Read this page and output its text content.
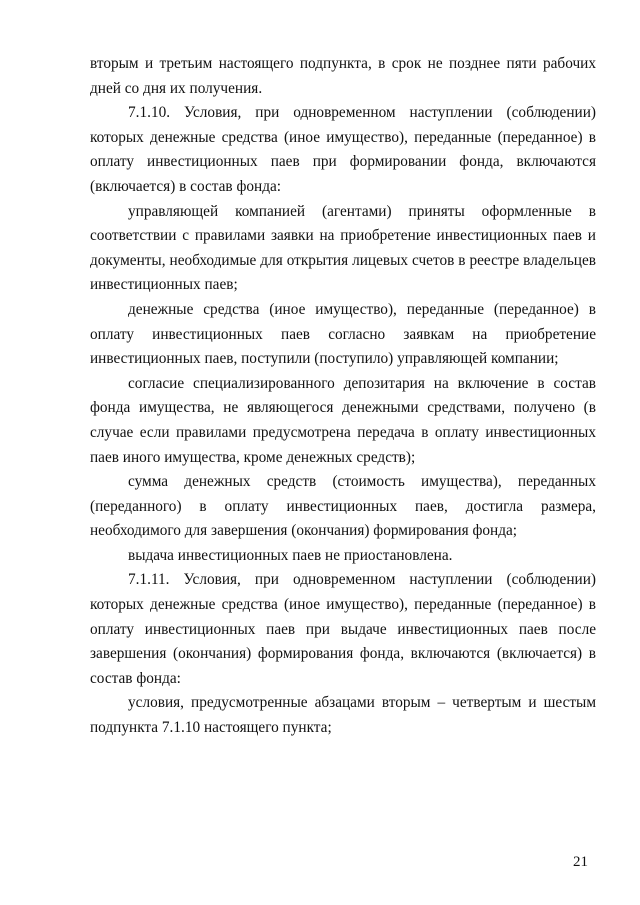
вторым и третьим настоящего подпункта, в срок не позднее пяти рабочих дней со дня их получения.

7.1.10. Условия, при одновременном наступлении (соблюдении) которых денежные средства (иное имущество), переданные (переданное) в оплату инвестиционных паев при формировании фонда, включаются (включается) в состав фонда:

управляющей компанией (агентами) приняты оформленные в соответствии с правилами заявки на приобретение инвестиционных паев и документы, необходимые для открытия лицевых счетов в реестре владельцев инвестиционных паев;

денежные средства (иное имущество), переданные (переданное) в оплату инвестиционных паев согласно заявкам на приобретение инвестиционных паев, поступили (поступило) управляющей компании;

согласие специализированного депозитария на включение в состав фонда имущества, не являющегося денежными средствами, получено (в случае если правилами предусмотрена передача в оплату инвестиционных паев иного имущества, кроме денежных средств);

сумма денежных средств (стоимость имущества), переданных (переданного) в оплату инвестиционных паев, достигла размера, необходимого для завершения (окончания) формирования фонда;

выдача инвестиционных паев не приостановлена.

7.1.11. Условия, при одновременном наступлении (соблюдении) которых денежные средства (иное имущество), переданные (переданное) в оплату инвестиционных паев при выдаче инвестиционных паев после завершения (окончания) формирования фонда, включаются (включается) в состав фонда:

условия, предусмотренные абзацами вторым – четвертым и шестым подпункта 7.1.10 настоящего пункта;

21
